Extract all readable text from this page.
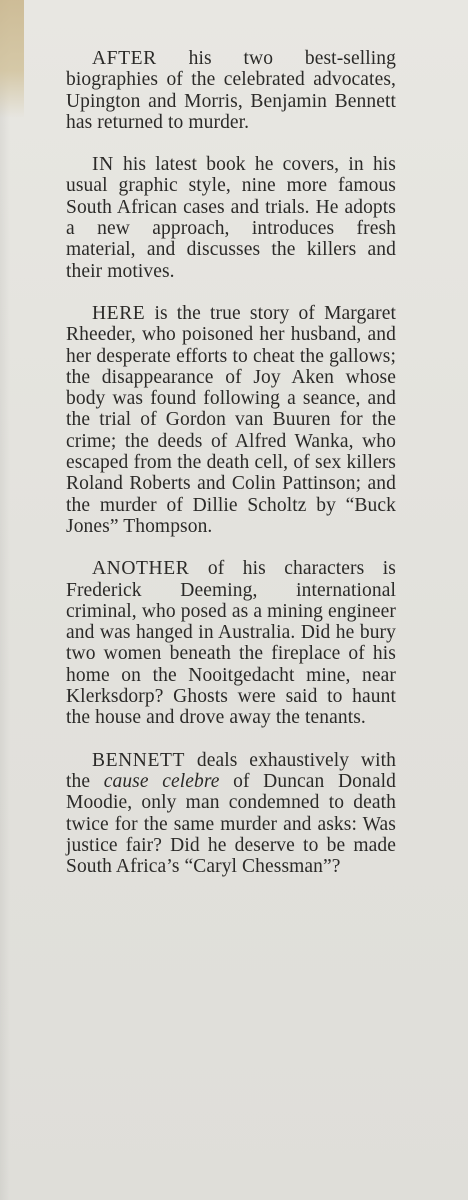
AFTER his two best-selling biographies of the celebrated advocates, Upington and Morris, Benjamin Bennett has returned to murder.

IN his latest book he covers, in his usual graphic style, nine more famous South African cases and trials. He adopts a new approach, introduces fresh material, and discusses the killers and their motives.

HERE is the true story of Margaret Rheeder, who poisoned her husband, and her desperate efforts to cheat the gallows; the disappearance of Joy Aken whose body was found following a seance, and the trial of Gordon van Buuren for the crime; the deeds of Alfred Wanka, who escaped from the death cell, of sex killers Roland Roberts and Colin Pattinson; and the murder of Dillie Scholtz by “Buck Jones” Thompson.

ANOTHER of his characters is Frederick Deeming, international criminal, who posed as a mining engineer and was hanged in Australia. Did he bury two women beneath the fireplace of his home on the Nooitgedacht mine, near Klerksdorp? Ghosts were said to haunt the house and drove away the tenants.

BENNETT deals exhaustively with the cause celebre of Duncan Donald Moodie, only man condemned to death twice for the same murder and asks: Was justice fair? Did he deserve to be made South Africa’s “Caryl Chessman”?
